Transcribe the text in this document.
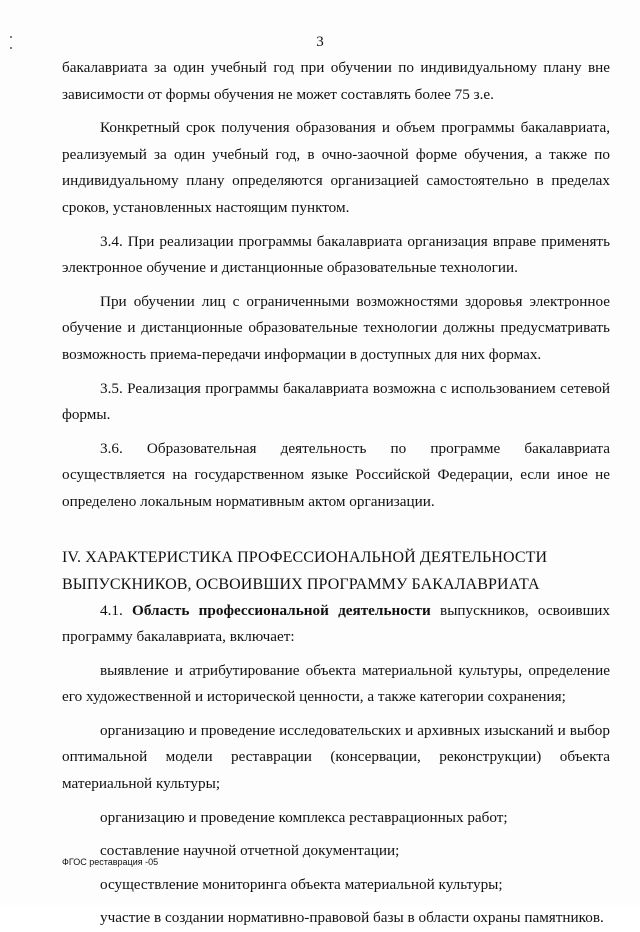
3

бакалавриата за один учебный год при обучении по индивидуальному плану вне зависимости от формы обучения не может составлять более 75 з.е.

Конкретный срок получения образования и объем программы бакалавриата, реализуемый за один учебный год, в очно-заочной форме обучения, а также по индивидуальному плану определяются организацией самостоятельно в пределах сроков, установленных настоящим пунктом.

3.4. При реализации программы бакалавриата организация вправе применять электронное обучение и дистанционные образовательные технологии.

При обучении лиц с ограниченными возможностями здоровья электронное обучение и дистанционные образовательные технологии должны предусматривать возможность приема-передачи информации в доступных для них формах.

3.5. Реализация программы бакалавриата возможна с использованием сетевой формы.

3.6. Образовательная деятельность по программе бакалавриата осуществляется на государственном языке Российской Федерации, если иное не определено локальным нормативным актом организации.

IV. ХАРАКТЕРИСТИКА ПРОФЕССИОНАЛЬНОЙ ДЕЯТЕЛЬНОСТИ

ВЫПУСКНИКОВ, ОСВОИВШИХ ПРОГРАММУ БАКАЛАВРИАТА

4.1. Область профессиональной деятельности выпускников, освоивших программу бакалавриата, включает:

выявление и атрибутирование объекта материальной культуры, определение его художественной и исторической ценности, а также категории сохранения;

организацию и проведение исследовательских и архивных изысканий и выбор оптимальной модели реставрации (консервации, реконструкции) объекта материальной культуры;

организацию и проведение комплекса реставрационных работ;

составление научной отчетной документации;

осуществление мониторинга объекта материальной культуры;

участие в создании нормативно-правовой базы в области охраны памятников.

ФГОС реставрация -05
